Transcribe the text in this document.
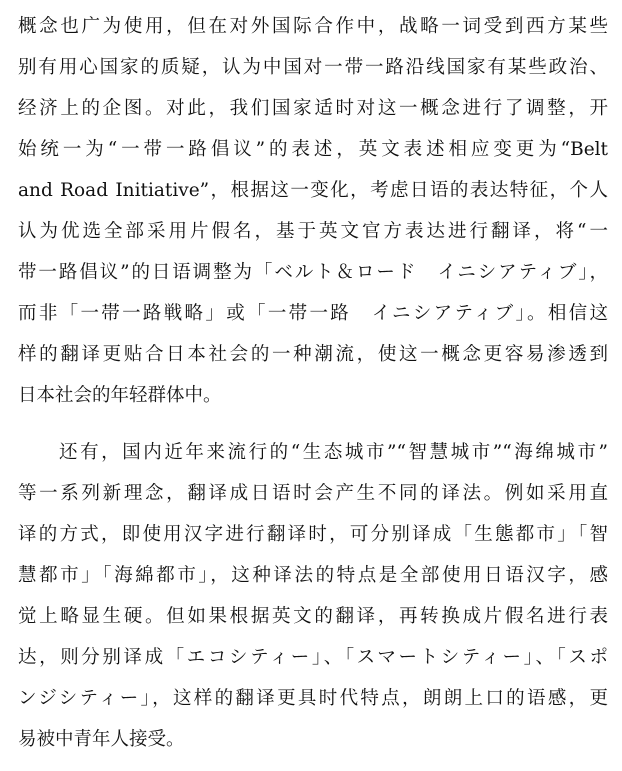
概念也广为使用，但在对外国际合作中，战略一词受到西方某些
别有用心国家的质疑，认为中国对一带一路沿线国家有某些政治、
经济上的企图。对此，我们国家适时对这一概念进行了调整，开
始统一为“一带一路倡议”的表述，英文表述相应变更为“Belt
and Road Initiative”，根据这一变化，考虑日语的表达特征，个人
认为优选全部采用片假名，基于英文官方表达进行翻译，将“一
带一路倡议”的日语调整为「ベルト＆ロード　イニシアティブ」，
而非「一帯一路戦略」或「一帯一路　イニシアティブ」。相信这
样的翻译更贴合日本社会的一种潮流，使这一概念更容易渗透到
日本社会的年轻群体中。
还有，国内近年来流行的“生态城市”“智慧城市”“海绵城市”
等一系列新理念，翻译成日语时会产生不同的译法。例如采用直
译的方式，即使用汉字进行翻译时，可分别译成「生態都市」「智
慧都市」「海綿都市」，这种译法的特点是全部使用日语汉字，感
觉上略显生硬。但如果根据英文的翻译，再转换成片假名进行表
达，则分别译成「エコシティー」、「スマートシティー」、「スポ
ンジシティー」，这样的翻译更具时代特点，朗朗上口的语感，更
易被中青年人接受。
